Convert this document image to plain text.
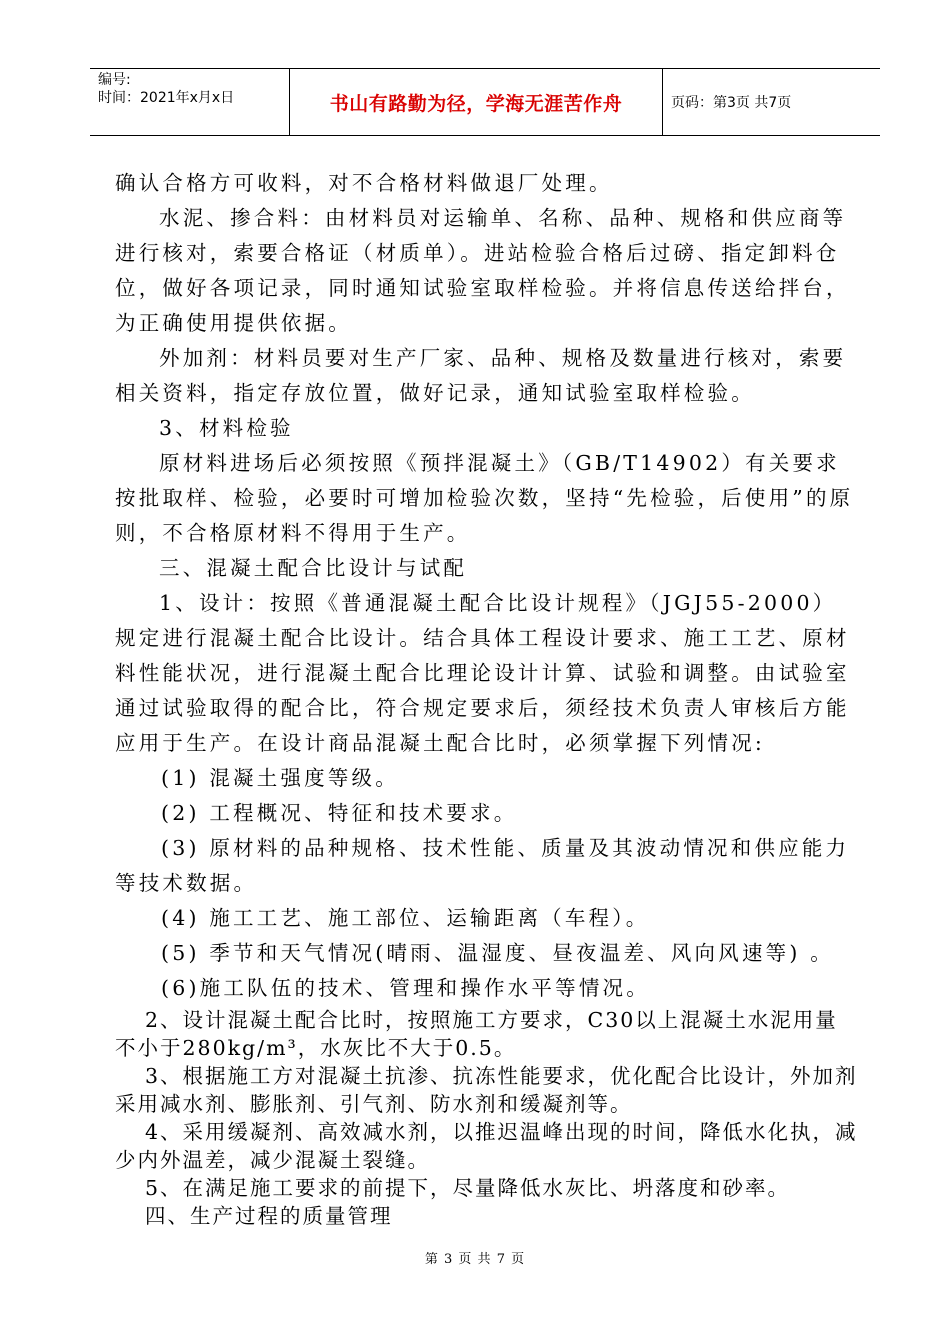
编号:
时间：2021年x月x日	书山有路勤为径，学海无涯苦作舟	页码：第3页 共7页

确认合格方可收料，对不合格材料做退厂处理。

水泥、掺合料：由材料员对运输单、名称、品种、规格和供应商等进行核对，索要合格证（材质单）。进站检验合格后过磅、指定卸料仓位，做好各项记录，同时通知试验室取样检验。并将信息传送给拌台，为正确使用提供依据。

外加剂：材料员要对生产厂家、品种、规格及数量进行核对，索要相关资料，指定存放位置，做好记录，通知试验室取样检验。

3、材料检验

原材料进场后必须按照《预拌混凝土》（GB/T14902）有关要求按批取样、检验，必要时可增加检验次数，坚持“先检验，后使用”的原则，不合格原材料不得用于生产。

三、混凝土配合比设计与试配

1、设计：按照《普通混凝土配合比设计规程》（JGJ55-2000）规定进行混凝土配合比设计。结合具体工程设计要求、施工工艺、原材料性能状况，进行混凝土配合比理论设计计算、试验和调整。由试验室通过试验取得的配合比，符合规定要求后，须经技术负责人审核后方能应用于生产。在设计商品混凝土配合比时，必须掌握下列情况:

(1) 混凝土强度等级。

(2) 工程概况、特征和技术要求。

(3) 原材料的品种规格、技术性能、质量及其波动情况和供应能力等技术数据。

(4) 施工工艺、施工部位、运输距离（车程）。

(5) 季节和天气情况(晴雨、温湿度、昼夜温差、风向风速等) 。

(6)施工队伍的技术、管理和操作水平等情况。

2、设计混凝土配合比时，按照施工方要求，C30以上混凝土水泥用量不小于280kg/m³，水灰比不大于0.5。

3、根据施工方对混凝土抗渗、抗冻性能要求，优化配合比设计，外加剂采用减水剂、膨胀剂、引气剂、防水剂和缓凝剂等。

4、采用缓凝剂、高效减水剂，以推迟温峰出现的时间，降低水化执，减少内外温差，减少混凝土裂缝。

5、在满足施工要求的前提下，尽量降低水灰比、坍落度和砂率。

四、生产过程的质量管理

第 3 页 共 7 页
